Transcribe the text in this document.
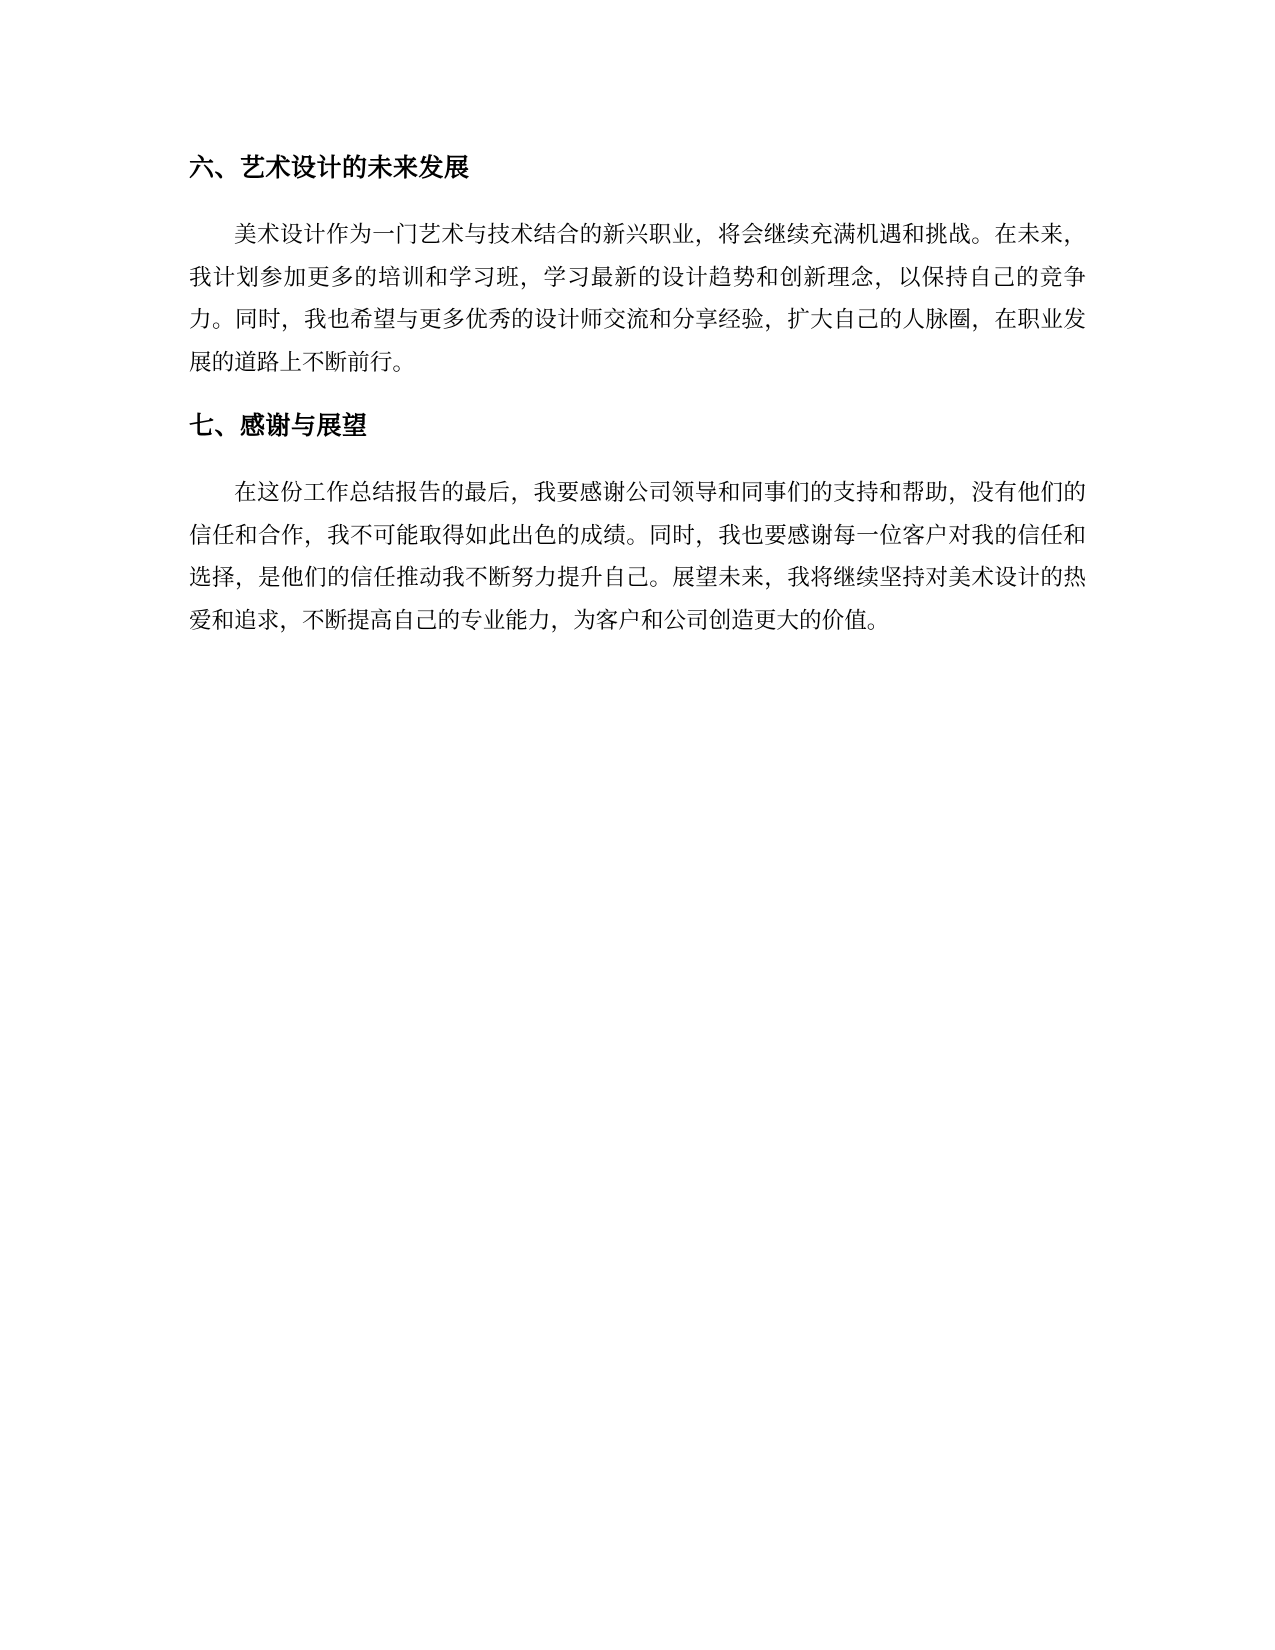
六、艺术设计的未来发展

美术设计作为一门艺术与技术结合的新兴职业，将会继续充满机遇和挑战。在未来，我计划参加更多的培训和学习班，学习最新的设计趋势和创新理念，以保持自己的竞争力。同时，我也希望与更多优秀的设计师交流和分享经验，扩大自己的人脉圈，在职业发展的道路上不断前行。

七、感谢与展望

在这份工作总结报告的最后，我要感谢公司领导和同事们的支持和帮助，没有他们的信任和合作，我不可能取得如此出色的成绩。同时，我也要感谢每一位客户对我的信任和选择，是他们的信任推动我不断努力提升自己。展望未来，我将继续坚持对美术设计的热爱和追求，不断提高自己的专业能力，为客户和公司创造更大的价值。
